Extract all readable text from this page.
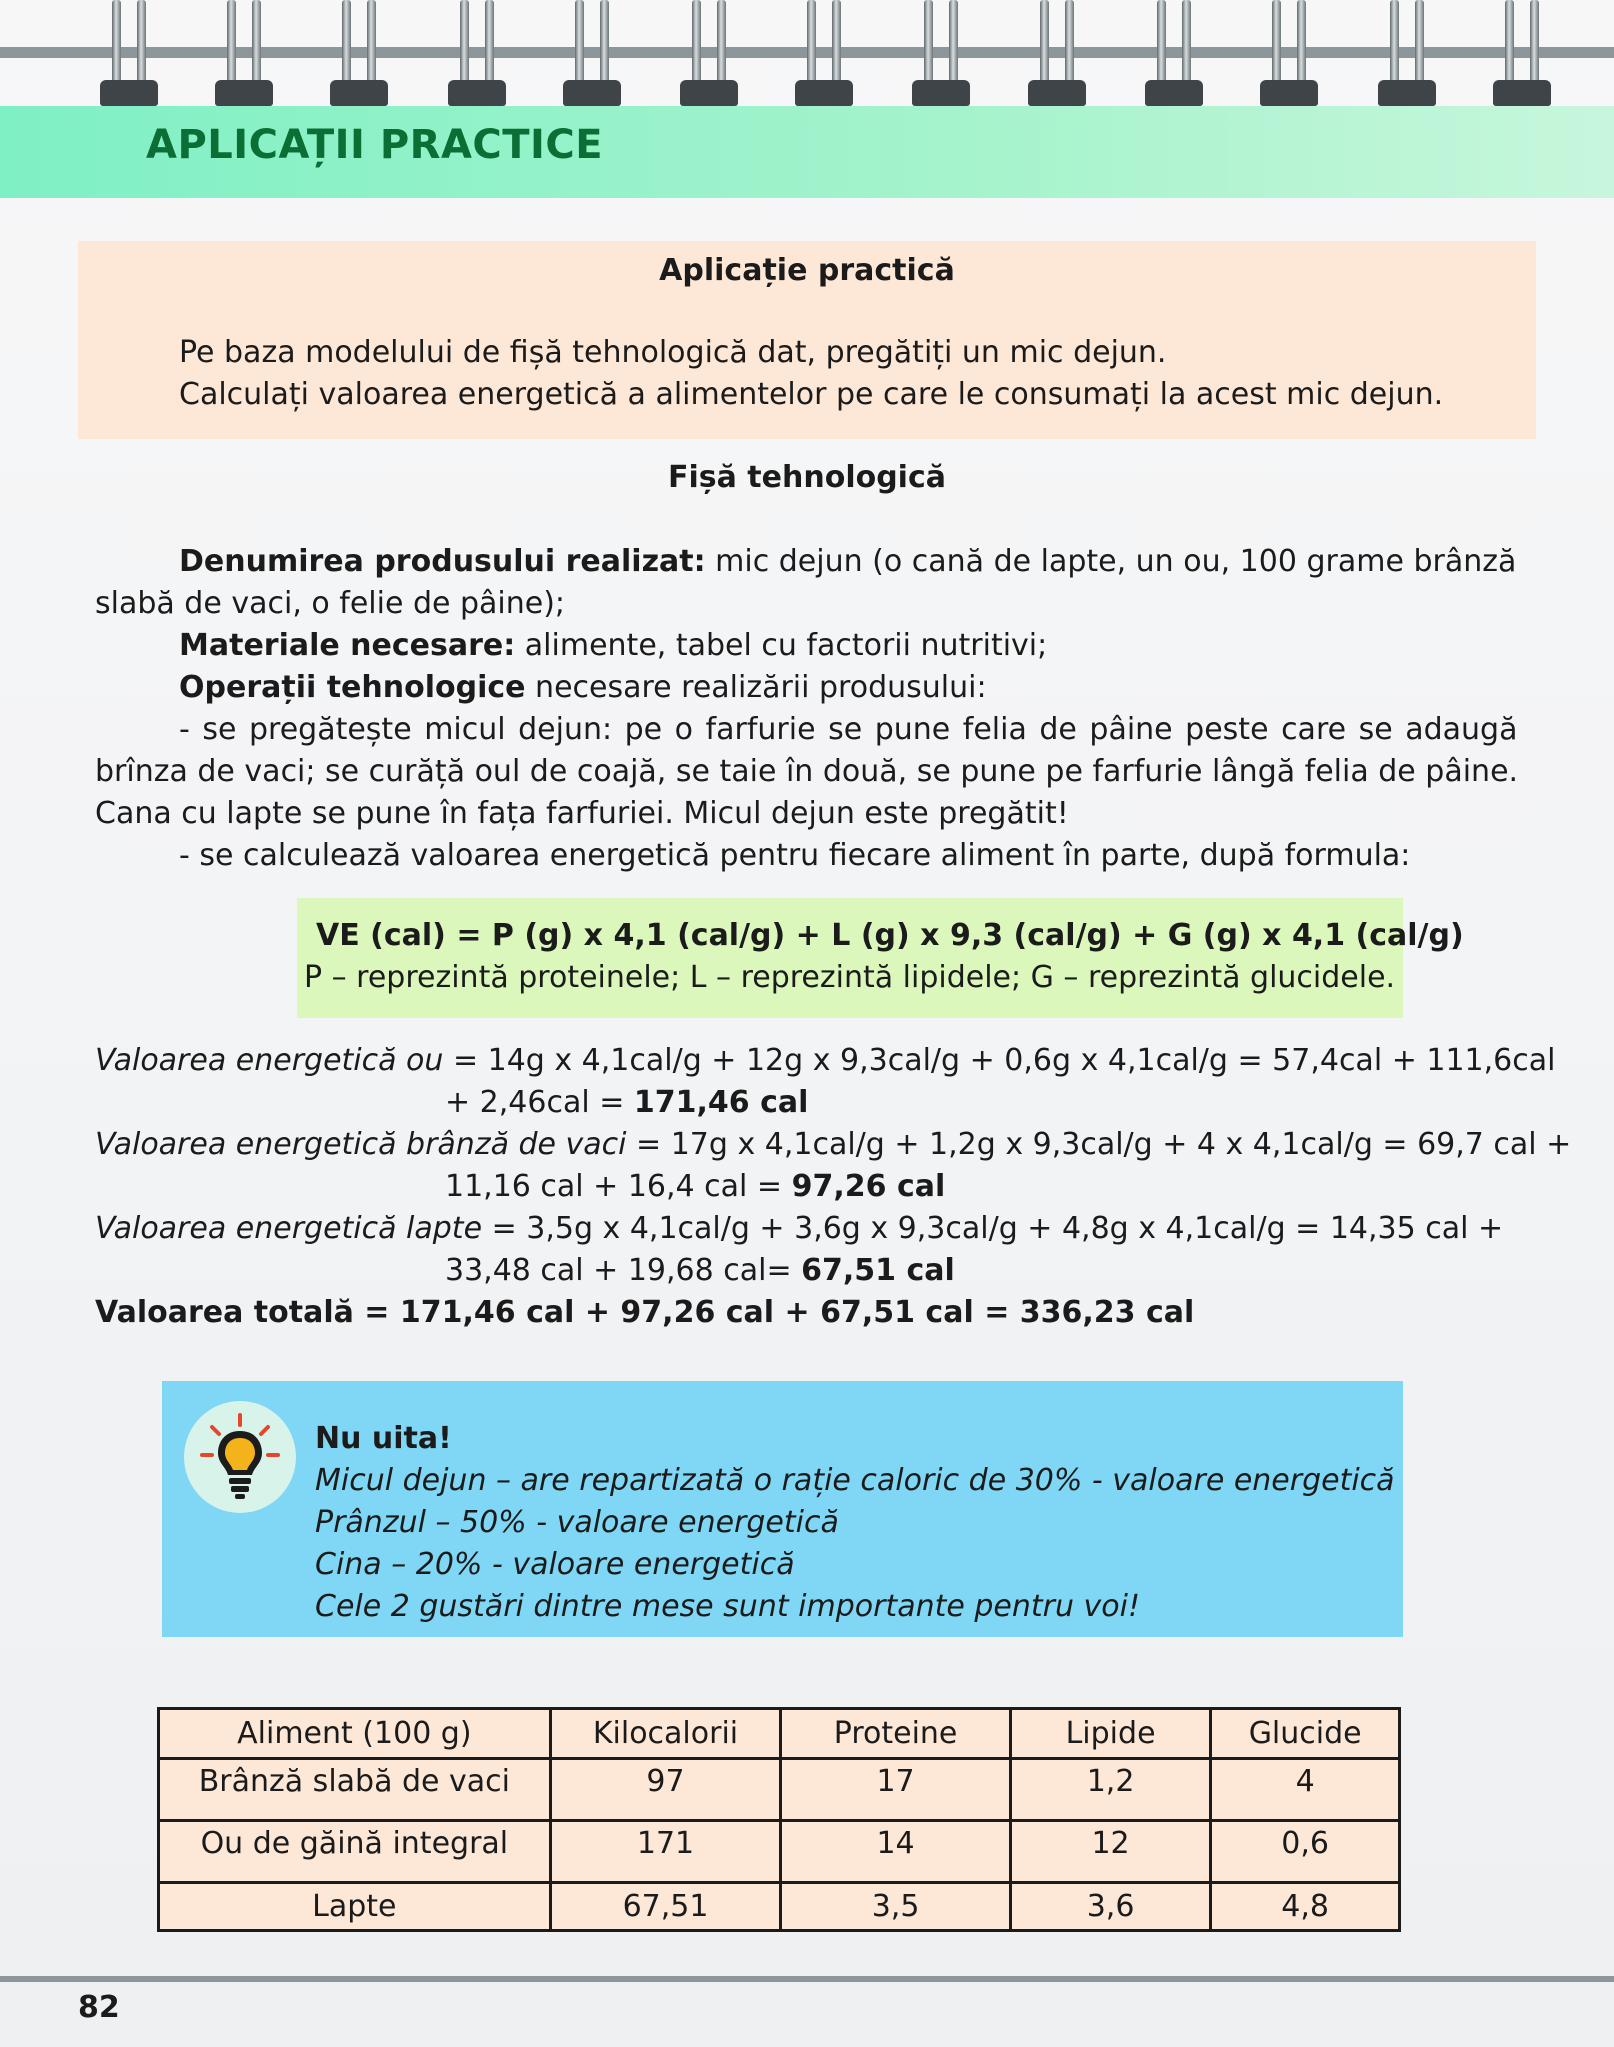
APLICAȚII PRACTICE
Aplicație practică
Pe baza modelului de fișă tehnologică dat, pregătiți un mic dejun.
Calculați valoarea energetică a alimentelor pe care le consumați la acest mic dejun.
Fișă tehnologică
Denumirea produsului realizat: mic dejun (o cană de lapte, un ou, 100 grame brânză
slabă de vaci, o felie de pâine);
Materiale necesare: alimente, tabel cu factorii nutritivi;
Operații tehnologice necesare realizării produsului:
- se pregătește micul dejun: pe o farfurie se pune felia de pâine peste care se adaugă
brînza de vaci; se curăță oul de coajă, se taie în două, se pune pe farfurie lângă felia de pâine.
Cana cu lapte se pune în fața farfuriei. Micul dejun este pregătit!
- se calculează valoarea energetică pentru fiecare aliment în parte, după formula:
VE (cal) = P (g) x 4,1 (cal/g) + L (g) x 9,3 (cal/g) + G (g) x 4,1 (cal/g)
P – reprezintă proteinele; L – reprezintă lipidele; G – reprezintă glucidele.
Valoarea energetică ou = 14g x 4,1cal/g + 12g x 9,3cal/g + 0,6g x 4,1cal/g = 57,4cal + 111,6cal
+ 2,46cal = 171,46 cal
Valoarea energetică brânză de vaci = 17g x 4,1cal/g + 1,2g x 9,3cal/g + 4 x 4,1cal/g = 69,7 cal +
11,16 cal + 16,4 cal = 97,26 cal
Valoarea energetică lapte = 3,5g x 4,1cal/g + 3,6g x 9,3cal/g + 4,8g x 4,1cal/g = 14,35 cal +
33,48 cal + 19,68 cal= 67,51 cal
Valoarea totală = 171,46 cal + 97,26 cal + 67,51 cal = 336,23 cal
Nu uita!
Micul dejun – are repartizată o rație caloric de 30% - valoare energetică
Prânzul – 50% - valoare energetică
Cina – 20% - valoare energetică
Cele 2 gustări dintre mese sunt importante pentru voi!
Aliment (100 g)	Kilocalorii	Proteine	Lipide	Glucide
Brânză slabă de vaci	97	17	1,2	4
Ou de găină integral	171	14	12	0,6
Lapte	67,51	3,5	3,6	4,8
82
